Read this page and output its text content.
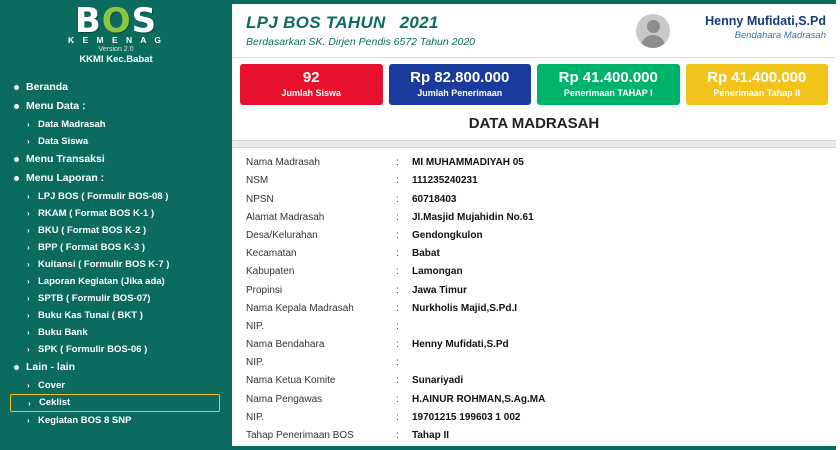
BOS
K E M E N A G
Version 2.0
KKMI Kec.Babat
Beranda
Menu Data :
› Data Madrasah
› Data Siswa
Menu Transaksi
Menu Laporan :
› LPJ BOS ( Formulir BOS-08 )
› RKAM ( Format BOS K-1 )
› BKU ( Format BOS K-2 )
› BPP ( Format BOS K-3 )
› Kuitansi ( Formulir BOS K-7 )
› Laporan Kegiatan (Jika ada)
› SPTB ( Formulir BOS-07)
› Buku Kas Tunai ( BKT )
› Buku Bank
› SPK ( Formulir BOS-06 )
Lain - lain
› Cover
› Ceklist
› Kegiatan BOS 8 SNP
LPJ BOS TAHUN 2021
Berdasarkan SK. Dirjen Pendis 6572 Tahun 2020
Henny Mufidati,S.Pd
Bendahara Madrasah
92
Jumlah Siswa
Rp 82.800.000
Jumlah Penerimaan
Rp 41.400.000
Penerimaan TAHAP I
Rp 41.400.000
Penerimaan Tahap II
DATA MADRASAH
Nama Madrasah	:	MI MUHAMMADIYAH 05
NSM	:	111235240231
NPSN	:	60718403
Alamat Madrasah	:	Jl.Masjid Mujahidin No.61
Desa/Kelurahan	:	Gendongkulon
Kecamatan	:	Babat
Kabupaten	:	Lamongan
Propinsi	:	Jawa Timur
Nama Kepala Madrasah	:	Nurkholis Majid,S.Pd.I
NIP.	:
Nama Bendahara	:	Henny Mufidati,S.Pd
NIP.	:
Nama Ketua Komite	:	Sunariyadi
Nama Pengawas	:	H.AINUR ROHMAN,S.Ag.MA
NIP.	:	19701215 199603 1 002
Tahap Penerimaan BOS	:	Tahap II
